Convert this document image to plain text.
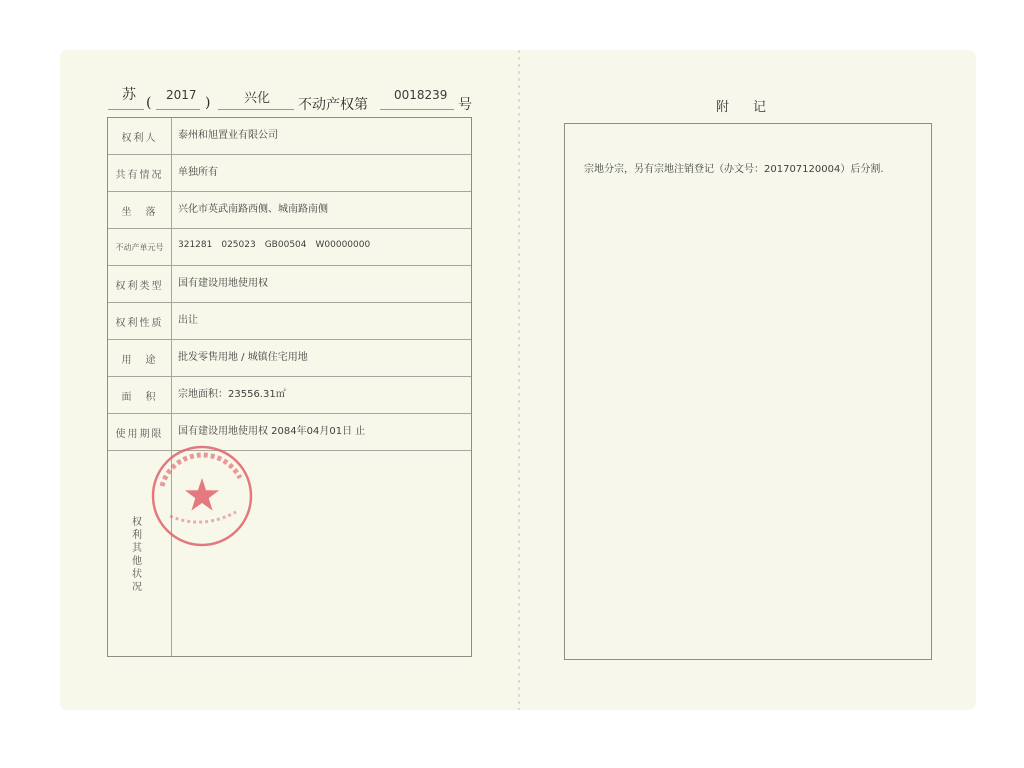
苏 ( 2017 )	兴化 不动产权第
0018239
号
权利人	泰州和旭置业有限公司
共有情况	单独所有
坐　落	兴化市英武南路西侧、城南路南侧
不动产单元号	321281　025023　GB00504　W00000000
权利类型	国有建设用地使用权
权利性质	出让
用　途	批发零售用地 / 城镇住宅用地
面　积	宗地面积：23556.31㎡
使用期限	国有建设用地使用权 2084年04月01日 止
权利其他状况
附 记
宗地分宗，另有宗地注销登记（办文号：201707120004）后分割.
